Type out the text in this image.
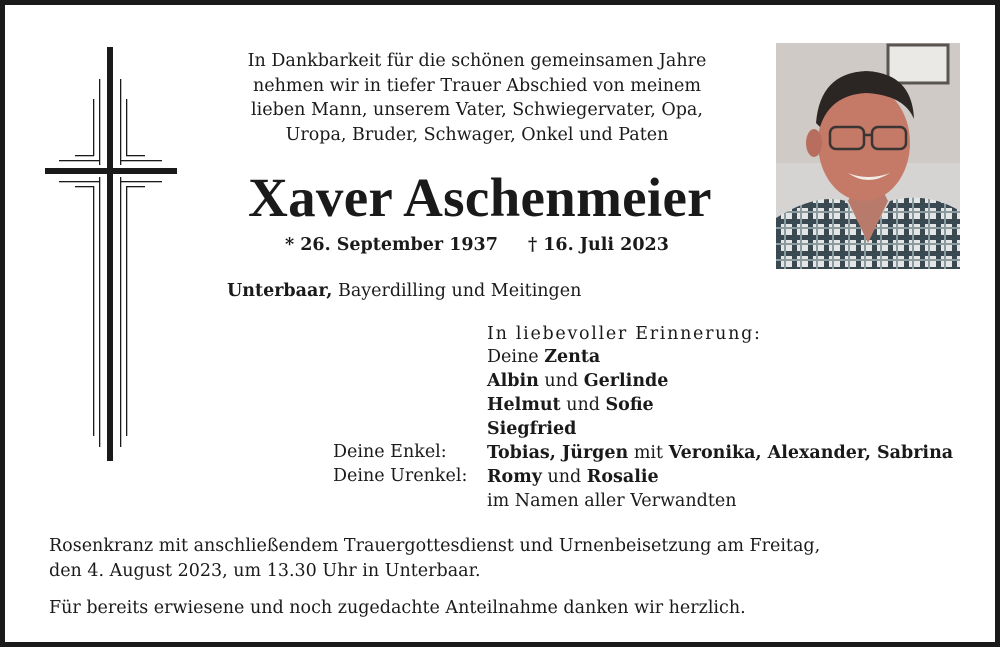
In Dankbarkeit für die schönen gemeinsamen Jahre
nehmen wir in tiefer Trauer Abschied von meinem
lieben Mann, unserem Vater, Schwiegervater, Opa,
Uropa, Bruder, Schwager, Onkel und Paten
Xaver Aschenmeier
* 26. September 1937 † 16. Juli 2023
Unterbaar, Bayerdilling und Meitingen
In liebevoller Erinnerung:
Deine Zenta
Albin und Gerlinde
Helmut und Sofie
Siegfried
Deine Enkel: Tobias, Jürgen mit Veronika, Alexander, Sabrina
Deine Urenkel: Romy und Rosalie
im Namen aller Verwandten
Rosenkranz mit anschließendem Trauergottesdienst und Urnenbeisetzung am Freitag,
den 4. August 2023, um 13.30 Uhr in Unterbaar.
Für bereits erwiesene und noch zugedachte Anteilnahme danken wir herzlich.
